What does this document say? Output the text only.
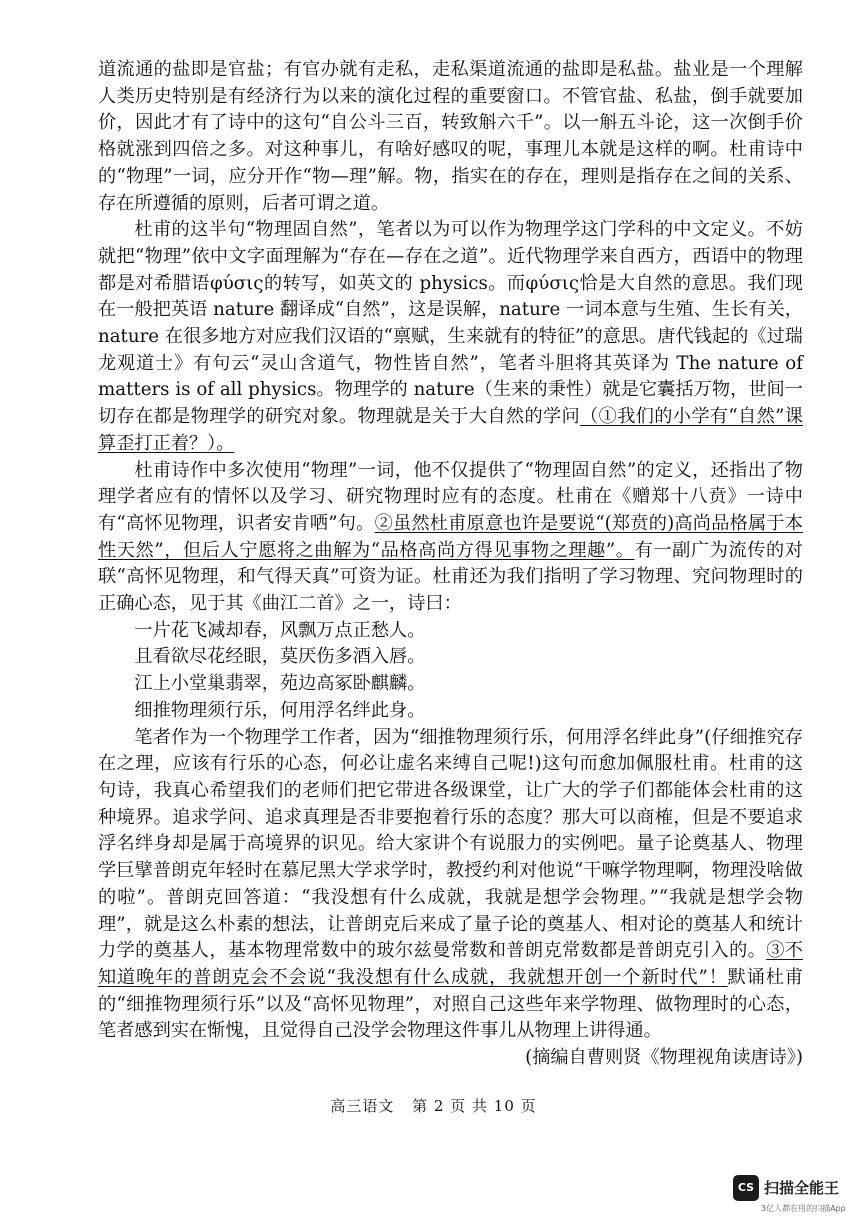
道流通的盐即是官盐；有官办就有走私，走私渠道流通的盐即是私盐。盐业是一个理解人类历史特别是有经济行为以来的演化过程的重要窗口。不管官盐、私盐，倒手就要加价，因此才有了诗中的这句“自公斗三百，转致斛六千”。以一斛五斗论，这一次倒手价格就涨到四倍之多。对这种事儿，有啥好感叹的呢，事理儿本就是这样的啊。杜甫诗中的“物理”一词，应分开作“物—理”解。物，指实在的存在，理则是指存在之间的关系、存在所遵循的原则，后者可谓之道。

杜甫的这半句“物理固自然”，笔者以为可以作为物理学这门学科的中文定义。不妨就把“物理”依中文字面理解为“存在—存在之道”。近代物理学来自西方，西语中的物理都是对希腊语φύσις的转写，如英文的 physics。而φύσις恰是大自然的意思。我们现在一般把英语 nature 翻译成“自然”，这是误解，nature 一词本意与生殖、生长有关，nature 在很多地方对应我们汉语的“禀赋，生来就有的特征”的意思。唐代钱起的《过瑞龙观道士》有句云“灵山含道气，物性皆自然”，笔者斗胆将其英译为 The nature of matters is of all physics。物理学的 nature（生来的秉性）就是它囊括万物，世间一切存在都是物理学的研究对象。物理就是关于大自然的学问（①我们的小学有“自然”课算歪打正着？）。

杜甫诗作中多次使用“物理”一词，他不仅提供了“物理固自然”的定义，还指出了物理学者应有的情怀以及学习、研究物理时应有的态度。杜甫在《赠郑十八贲》一诗中有“高怀见物理，识者安肯哂”句。②虽然杜甫原意也许是要说“(郑贲的)高尚品格属于本性天然”，但后人宁愿将之曲解为“品格高尚方得见事物之理趣”。有一副广为流传的对联“高怀见物理，和气得天真”可资为证。杜甫还为我们指明了学习物理、究问物理时的正确心态，见于其《曲江二首》之一，诗曰：

一片花飞减却春，风飘万点正愁人。
且看欲尽花经眼，莫厌伤多酒入唇。
江上小堂巢翡翠，苑边高冢卧麒麟。
细推物理须行乐，何用浮名绊此身。

笔者作为一个物理学工作者，因为“细推物理须行乐，何用浮名绊此身”(仔细推究存在之理，应该有行乐的心态，何必让虚名来缚自己呢!)这句而愈加佩服杜甫。杜甫的这句诗，我真心希望我们的老师们把它带进各级课堂，让广大的学子们都能体会杜甫的这种境界。追求学问、追求真理是否非要抱着行乐的态度？那大可以商榷，但是不要追求浮名绊身却是属于高境界的识见。给大家讲个有说服力的实例吧。量子论奠基人、物理学巨擘普朗克年轻时在慕尼黑大学求学时，教授约利对他说“干嘛学物理啊，物理没啥做的啦”。普朗克回答道：“我没想有什么成就，我就是想学会物理。”“我就是想学会物理”，就是这么朴素的想法，让普朗克后来成了量子论的奠基人、相对论的奠基人和统计力学的奠基人，基本物理常数中的玻尔兹曼常数和普朗克常数都是普朗克引入的。③不知道晚年的普朗克会不会说“我没想有什么成就，我就想开创一个新时代”！默诵杜甫的“细推物理须行乐”以及“高怀见物理”，对照自己这些年来学物理、做物理时的心态，笔者感到实在惭愧，且觉得自己没学会物理这件事儿从物理上讲得通。

(摘编自曹则贤《物理视角读唐诗》)

高三语文 第 2 页 共 10 页
CS 扫描全能王
3亿人都在用的扫描App
